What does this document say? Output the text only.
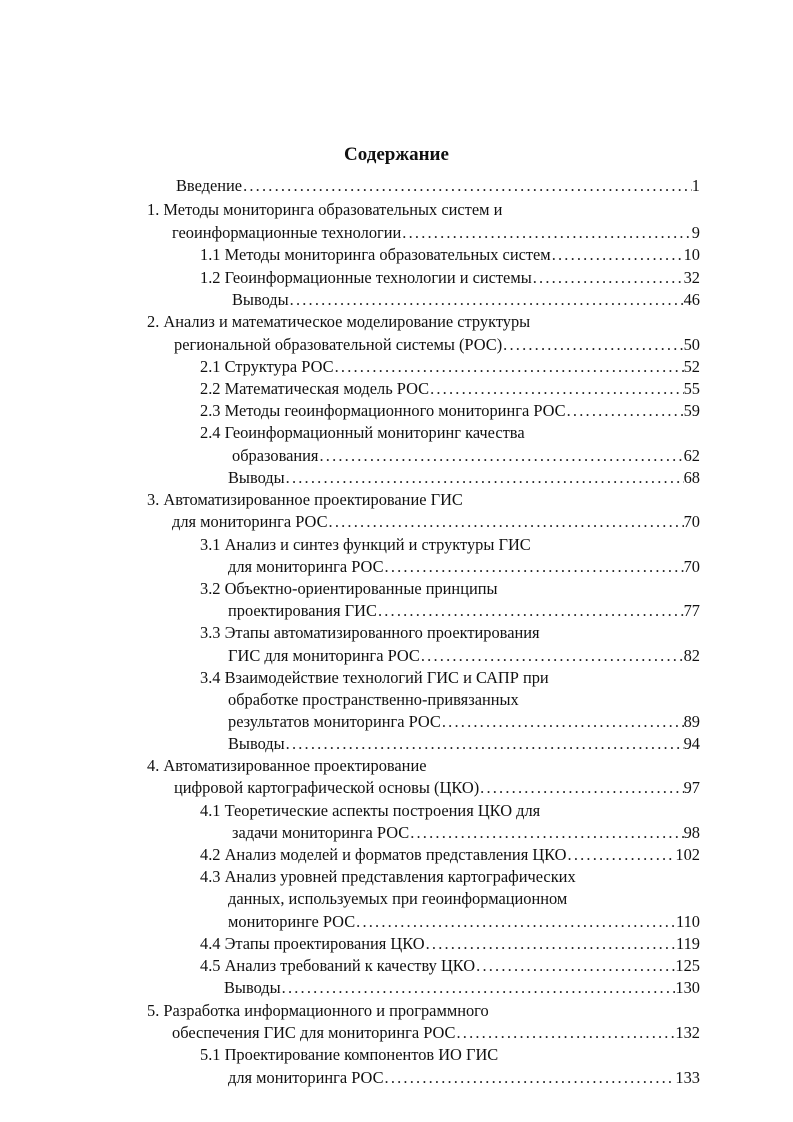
Содержание
Введение	1
.....
1. Методы мониторинга образовательных систем и
геоинформационные технологии	9
.....
1.1 Методы мониторинга образовательных систем	10
.....
1.2 Геоинформационные технологии и системы	32
.....
Выводы	46
.....
2. Анализ и математическое моделирование структуры
региональной образовательной системы (РОС)	50
.....
2.1 Структура РОС	52
.....
2.2 Математическая модель РОС	55
.....
2.3 Методы геоинформационного мониторинга РОС	59
.....
2.4 Геоинформационный мониторинг качества
образования	62
.....
Выводы	68
.....
3. Автоматизированное проектирование ГИС
для мониторинга РОС	70
.....
3.1 Анализ и синтез функций и структуры ГИС
для мониторинга РОС	70
.....
3.2 Объектно-ориентированные принципы
проектирования ГИС	77
.....
3.3 Этапы автоматизированного проектирования
ГИС для мониторинга РОС	82
.....
3.4 Взаимодействие технологий ГИС и САПР при
обработке пространственно-привязанных
результатов мониторинга РОС	89
.....
Выводы	94
.....
4. Автоматизированное проектирование
цифровой картографической основы (ЦКО)	97
.....
4.1 Теоретические аспекты построения ЦКО для
задачи мониторинга РОС	98
.....
4.2 Анализ моделей и форматов представления ЦКО	102
.....
4.3 Анализ уровней представления картографических
данных, используемых при геоинформационном
мониторинге РОС	110
.....
4.4 Этапы проектирования ЦКО	119
.....
4.5 Анализ требований к качеству ЦКО	125
.....
Выводы	130
.....
5. Разработка информационного и программного
обеспечения ГИС для мониторинга РОС	132
.....
5.1 Проектирование компонентов ИО ГИС
для мониторинга РОС	133
.....
